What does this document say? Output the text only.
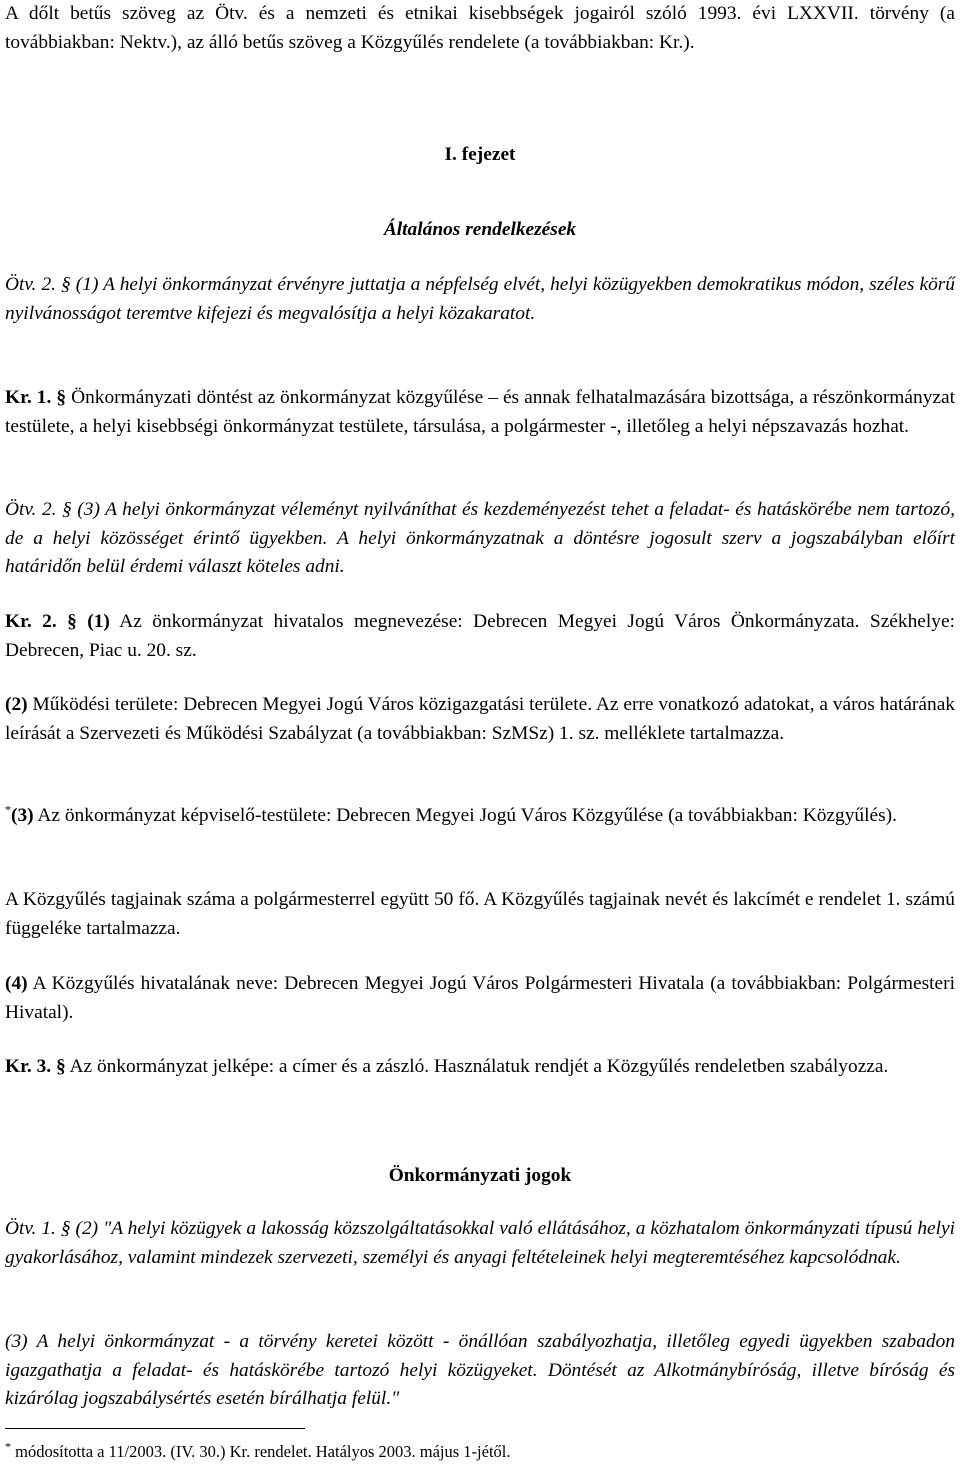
A dőlt betűs szöveg az Ötv. és a nemzeti és etnikai kisebbségek jogairól szóló 1993. évi LXXVII. törvény (a továbbiakban: Nektv.), az álló betűs szöveg a Közgyűlés rendelete (a továbbiakban: Kr.).

I. fejezet

Általános rendelkezések

Ötv. 2. § (1) A helyi önkormányzat érvényre juttatja a népfelség elvét, helyi közügyekben demokratikus módon, széles körű nyilvánosságot teremtve kifejezi és megvalósítja a helyi közakaratot.

Kr. 1. § Önkormányzati döntést az önkormányzat közgyűlése – és annak felhatalmazására bizottsága, a részönkormányzat testülete, a helyi kisebbségi önkormányzat testülete, társulása, a polgármester -, illetőleg a helyi népszavazás hozhat.

Ötv. 2. § (3) A helyi önkormányzat véleményt nyilváníthat és kezdeményezést tehet a feladat- és hatáskörébe nem tartozó, de a helyi közösséget érintő ügyekben. A helyi önkormányzatnak a döntésre jogosult szerv a jogszabályban előírt határidőn belül érdemi választ köteles adni.

Kr. 2. § (1) Az önkormányzat hivatalos megnevezése: Debrecen Megyei Jogú Város Önkormányzata. Székhelye: Debrecen, Piac u. 20. sz.

(2) Működési területe: Debrecen Megyei Jogú Város közigazgatási területe. Az erre vonatkozó adatokat, a város határának leírását a Szervezeti és Működési Szabályzat (a továbbiakban: SzMSz) 1. sz. melléklete tartalmazza.

*(3) Az önkormányzat képviselő-testülete: Debrecen Megyei Jogú Város Közgyűlése (a továbbiakban: Közgyűlés).

A Közgyűlés tagjainak száma a polgármesterrel együtt 50 fő. A Közgyűlés tagjainak nevét és lakcímét e rendelet 1. számú függeléke tartalmazza.

(4) A Közgyűlés hivatalának neve: Debrecen Megyei Jogú Város Polgármesteri Hivatala (a továbbiakban: Polgármesteri Hivatal).

Kr. 3. § Az önkormányzat jelképe: a címer és a zászló. Használatuk rendjét a Közgyűlés rendeletben szabályozza.

Önkormányzati jogok

Ötv. 1. § (2) "A helyi közügyek a lakosság közszolgáltatásokkal való ellátásához, a közhatalom önkormányzati típusú helyi gyakorlásához, valamint mindezek szervezeti, személyi és anyagi feltételeinek helyi megteremtéséhez kapcsolódnak.

(3) A helyi önkormányzat - a törvény keretei között - önállóan szabályozhatja, illetőleg egyedi ügyekben szabadon igazgathatja a feladat- és hatáskörébe tartozó helyi közügyeket. Döntését az Alkotmánybíróság, illetve bíróság és kizárólag jogszabálysértés esetén bírálhatja felül."

* módosította a 11/2003. (IV. 30.) Kr. rendelet. Hatályos 2003. május 1-jétől.
